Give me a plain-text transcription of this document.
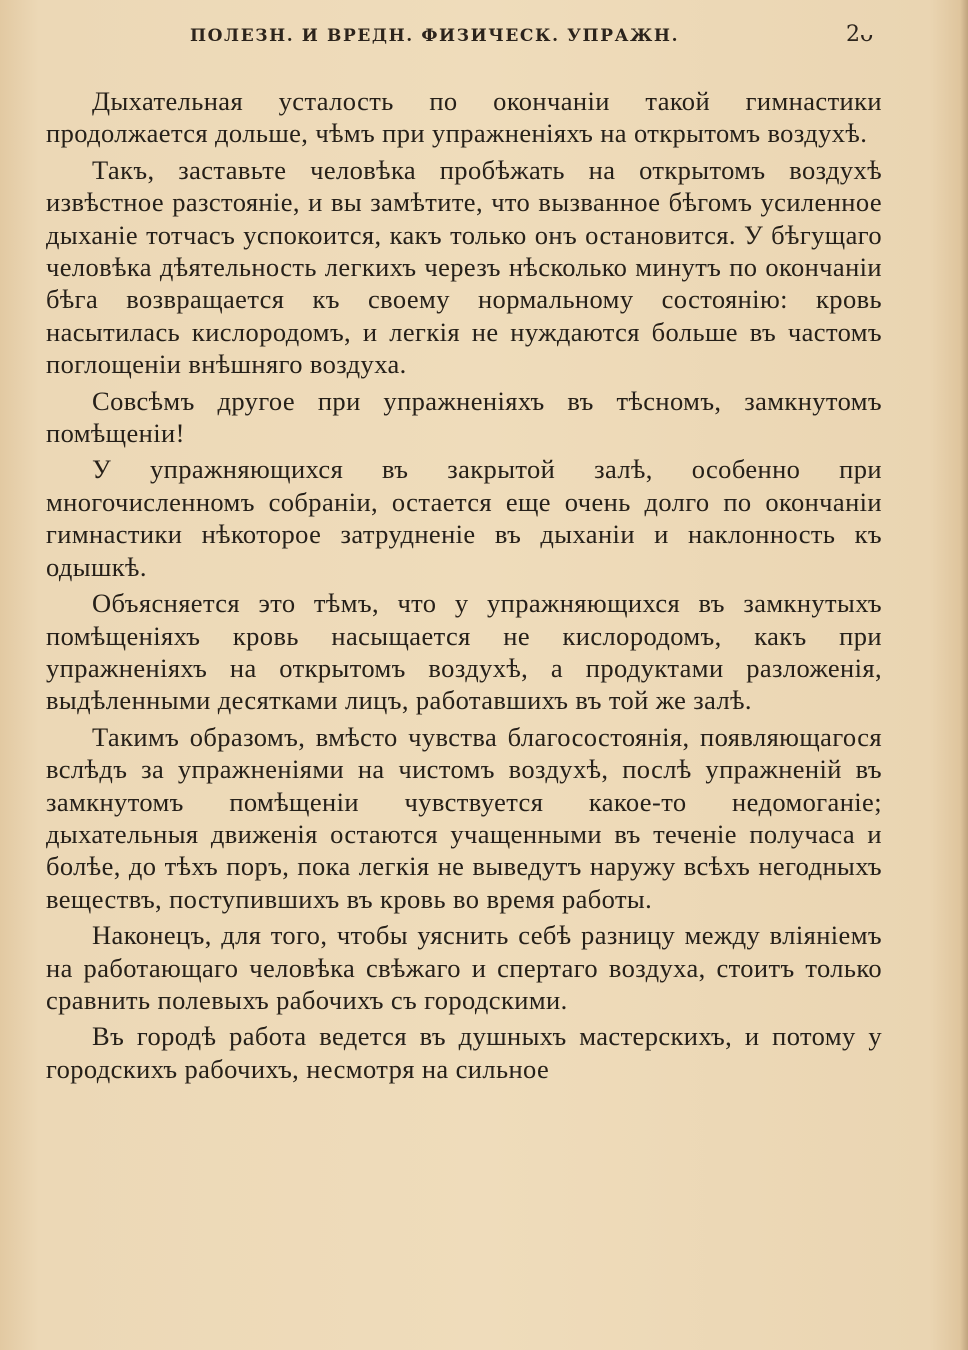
ПОЛЕЗН. И ВРЕДН. ФИЗИЧЕСК. УПРАЖН.	2ᴗ

Дыхательная усталость по окончаніи такой гимнастики продолжается дольше, чѣмъ при упражненіяхъ на открытомъ воздухѣ.

Такъ, заставьте человѣка пробѣжать на открытомъ воздухѣ извѣстное разстояніе, и вы замѣтите, что вызванное бѣгомъ усиленное дыханіе тотчасъ успокоится, какъ только онъ остановится. У бѣгущаго человѣка дѣятельность легкихъ черезъ нѣсколько минутъ по окончаніи бѣга возвращается къ своему нормальному состоянію: кровь насытилась кислородомъ, и легкія не нуждаются больше въ частомъ поглощеніи внѣшняго воздуха.

Совсѣмъ другое при упражненіяхъ въ тѣсномъ, замкнутомъ помѣщеніи!

У упражняющихся въ закрытой залѣ, особенно при многочисленномъ собраніи, остается еще очень долго по окончаніи гимнастики нѣкоторое затрудненіе въ дыханіи и наклонность къ одышкѣ.

Объясняется это тѣмъ, что у упражняющихся въ замкнутыхъ помѣщеніяхъ кровь насыщается не кислородомъ, какъ при упражненіяхъ на открытомъ воздухѣ, а продуктами разложенія, выдѣленными десятками лицъ, работавшихъ въ той же залѣ.

Такимъ образомъ, вмѣсто чувства благосостоянія, появляющагося вслѣдъ за упражненіями на чистомъ воздухѣ, послѣ упражненій въ замкнутомъ помѣщеніи чувствуется какое-то недомоганіе; дыхательныя движенія остаются учащенными въ теченіе получаса и болѣе, до тѣхъ поръ, пока легкія не выведутъ наружу всѣхъ негодныхъ веществъ, поступившихъ въ кровь во время работы.

Наконецъ, для того, чтобы уяснить себѣ разницу между вліяніемъ на работающаго человѣка свѣжаго и спертаго воздуха, стоитъ только сравнить полевыхъ рабочихъ съ городскими.

Въ городѣ работа ведется въ душныхъ мастерскихъ, и потому у городскихъ рабочихъ, несмотря на сильное
